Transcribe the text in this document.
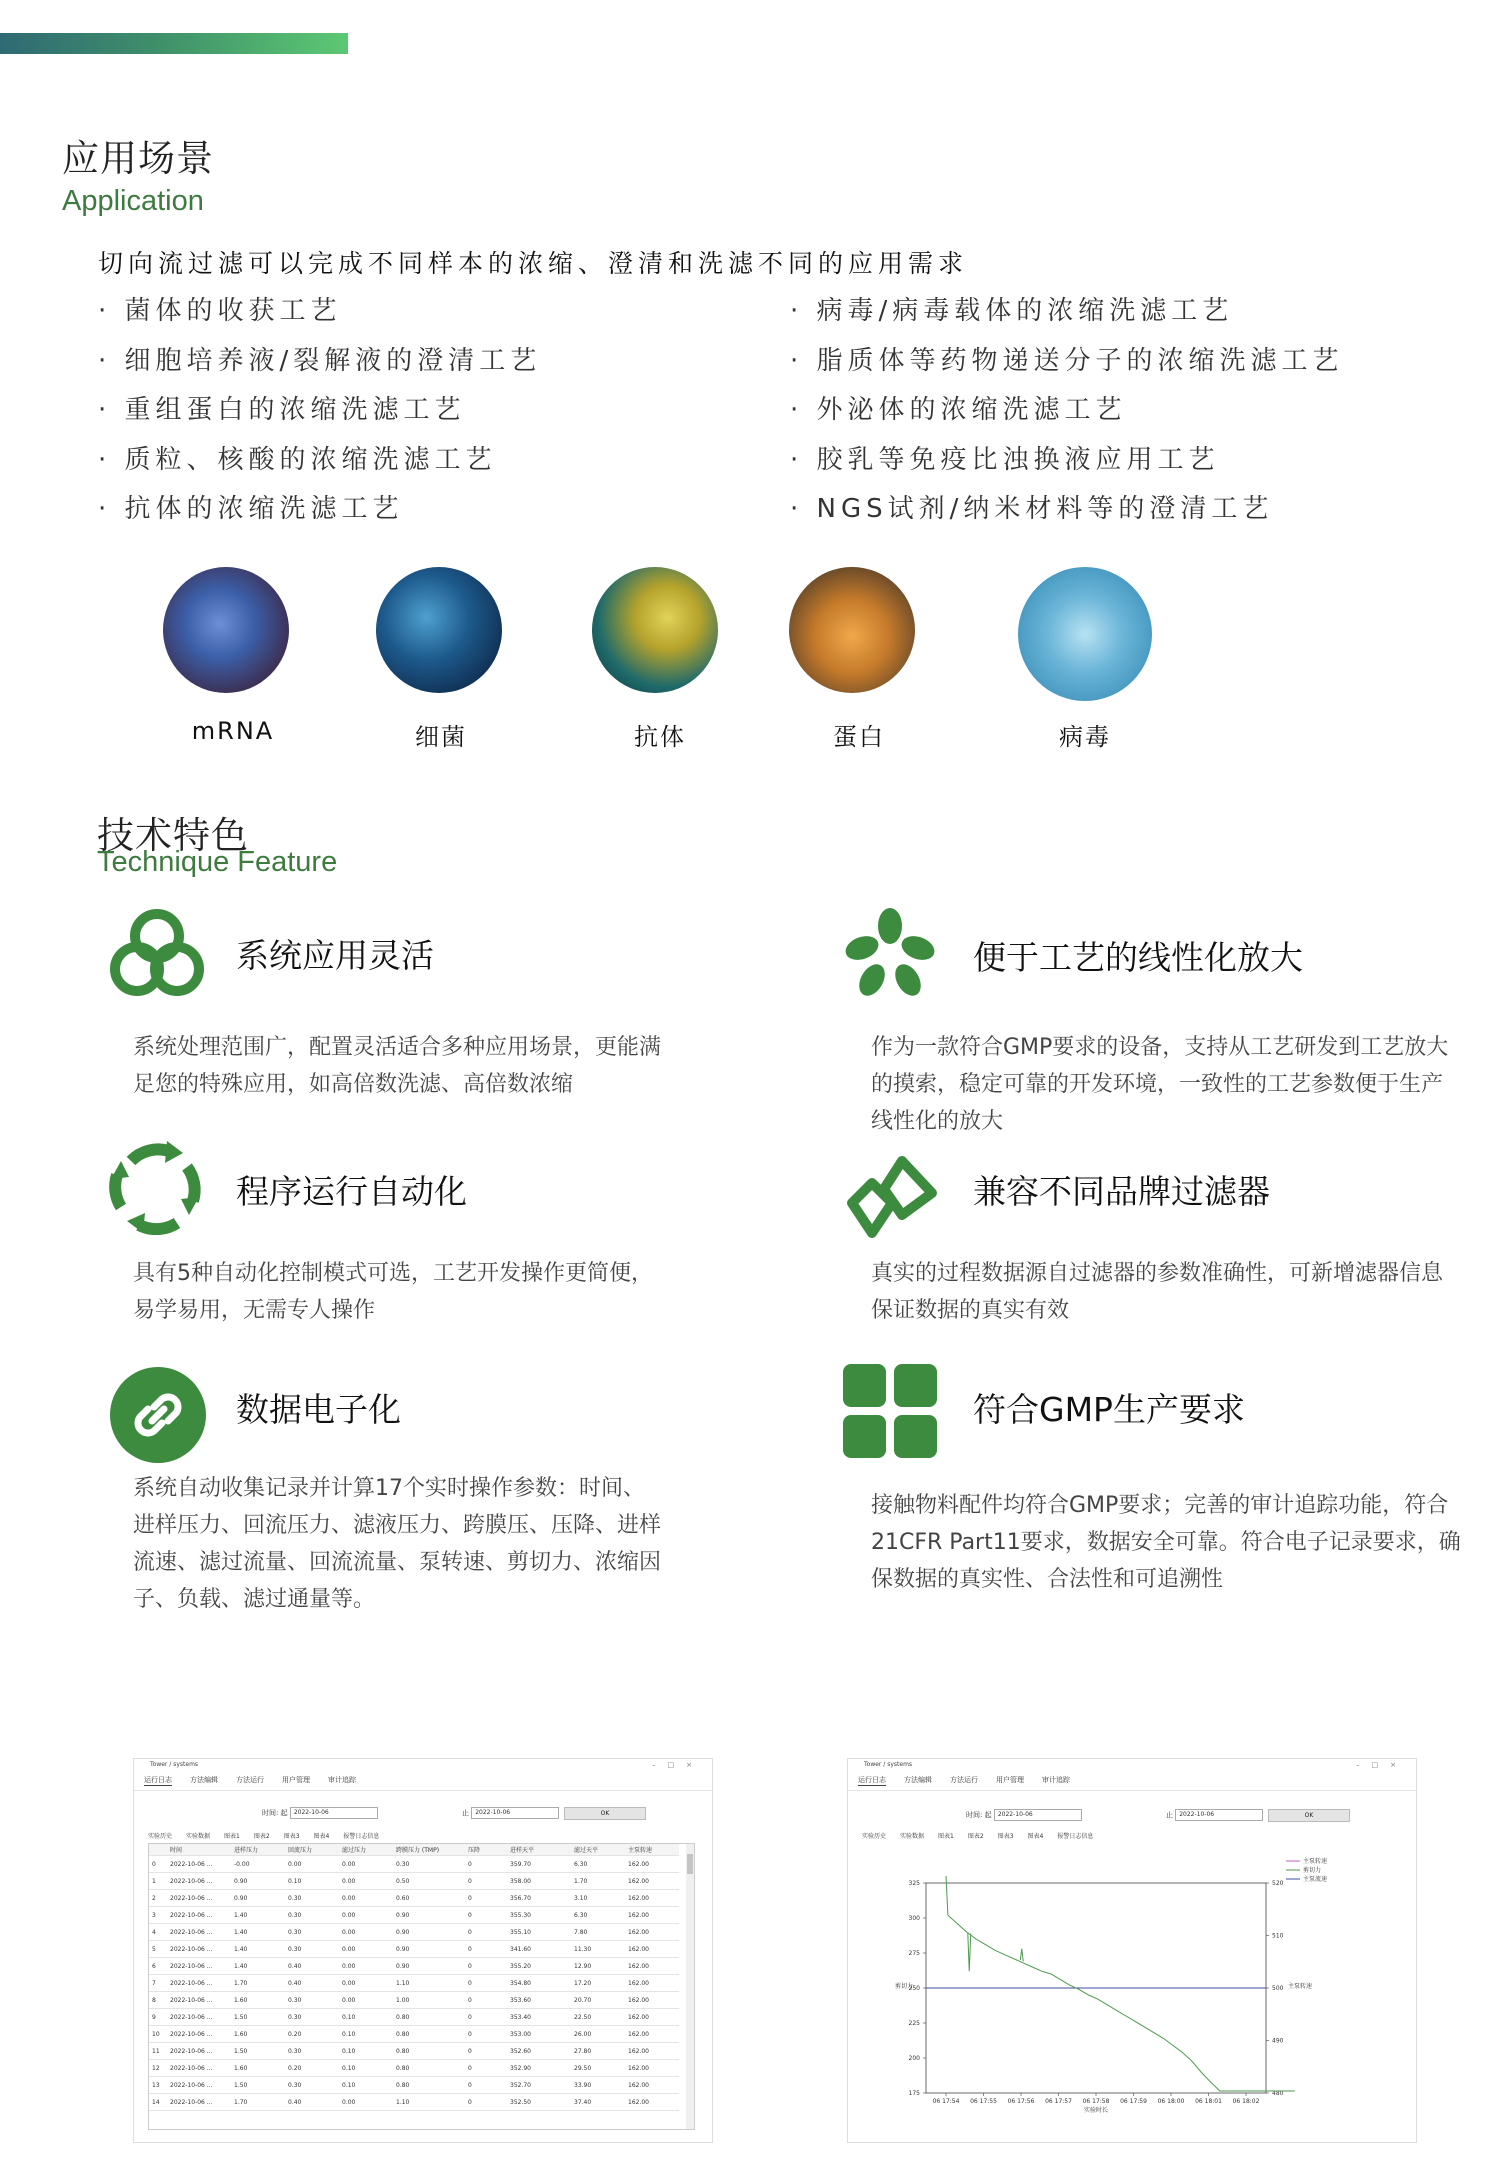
应用场景
Application
切向流过滤可以完成不同样本的浓缩、澄清和洗滤不同的应用需求
· 菌体的收获工艺
· 细胞培养液/裂解液的澄清工艺
· 重组蛋白的浓缩洗滤工艺
· 质粒、核酸的浓缩洗滤工艺
· 抗体的浓缩洗滤工艺
· 病毒/病毒载体的浓缩洗滤工艺
· 脂质体等药物递送分子的浓缩洗滤工艺
· 外泌体的浓缩洗滤工艺
· 胶乳等免疫比浊换液应用工艺
· NGS试剂/纳米材料等的澄清工艺
mRNA	细菌	抗体	蛋白	病毒
技术特色
Technique Feature
系统应用灵活
系统处理范围广，配置灵活适合多种应用场景，更能满足您的特殊应用，如高倍数洗滤、高倍数浓缩
便于工艺的线性化放大
作为一款符合GMP要求的设备，支持从工艺研发到工艺放大的摸索，稳定可靠的开发环境，一致性的工艺参数便于生产线性化的放大
程序运行自动化
具有5种自动化控制模式可选，工艺开发操作更简便，易学易用，无需专人操作
兼容不同品牌过滤器
真实的过程数据源自过滤器的参数准确性，可新增滤器信息保证数据的真实有效
数据电子化
系统自动收集记录并计算17个实时操作参数：时间、进样压力、回流压力、滤液压力、跨膜压、压降、进样流速、滤过流量、回流流量、泵转速、剪切力、浓缩因子、负载、滤过通量等。
符合GMP生产要求
接触物料配件均符合GMP要求；完善的审计追踪功能，符合21CFR Part11要求，数据安全可靠。符合电子记录要求，确保数据的真实性、合法性和可追溯性
Tower / systems	–□×
运行日志	方法编辑	方法运行	用户管理	审计追踪
时间: 起 2022-10-06	止 2022-10-06	OK
实验历史 实验数据 图表1 图表2 图表3 图表4 报警日志信息
	时间	进样压力	回流压力	滤过压力	跨膜压力 (TMP)	压降	进样天平	滤过天平	主泵转速
0	2022-10-06 ...	-0.00	0.00	0.00	0.30	0	359.70	6.30	162.00
1	2022-10-06 ...	0.90	0.10	0.00	0.50	0	358.00	1.70	162.00
2	2022-10-06 ...	0.90	0.30	0.00	0.60	0	356.70	3.10	162.00
3	2022-10-06 ...	1.40	0.30	0.00	0.90	0	355.30	6.30	162.00
4	2022-10-06 ...	1.40	0.30	0.00	0.90	0	355.10	7.80	162.00
5	2022-10-06 ...	1.40	0.30	0.00	0.90	0	341.60	11.30	162.00
6	2022-10-06 ...	1.40	0.40	0.00	0.90	0	355.20	12.90	162.00
7	2022-10-06 ...	1.70	0.40	0.00	1.10	0	354.80	17.20	162.00
8	2022-10-06 ...	1.60	0.30	0.00	1.00	0	353.60	20.70	162.00
9	2022-10-06 ...	1.50	0.30	0.10	0.80	0	353.40	22.50	162.00
10	2022-10-06 ...	1.60	0.20	0.10	0.80	0	353.00	26.00	162.00
11	2022-10-06 ...	1.50	0.30	0.10	0.80	0	352.60	27.80	162.00
12	2022-10-06 ...	1.60	0.20	0.10	0.80	0	352.90	29.50	162.00
13	2022-10-06 ...	1.50	0.30	0.10	0.80	0	352.70	33.90	162.00
14	2022-10-06 ...	1.70	0.40	0.00	1.10	0	352.50	37.40	162.00
Tower / systems	–□×
运行日志	方法编辑	方法运行	用户管理	审计追踪
时间: 起 2022-10-06	止 2022-10-06	OK
实验历史 实验数据 图表1 图表2 图表3 图表4 报警日志信息
175
200
225
250
275
300
325
480
490
500
510
520
06 17:54 06 17:55 06 17:56 06 17:57 06 17:58 06 17:59 06 18:00 06 18:01 06 18:02
实验时长
剪切力	主泵转速
主泵转速
剪切力
主泵流速
